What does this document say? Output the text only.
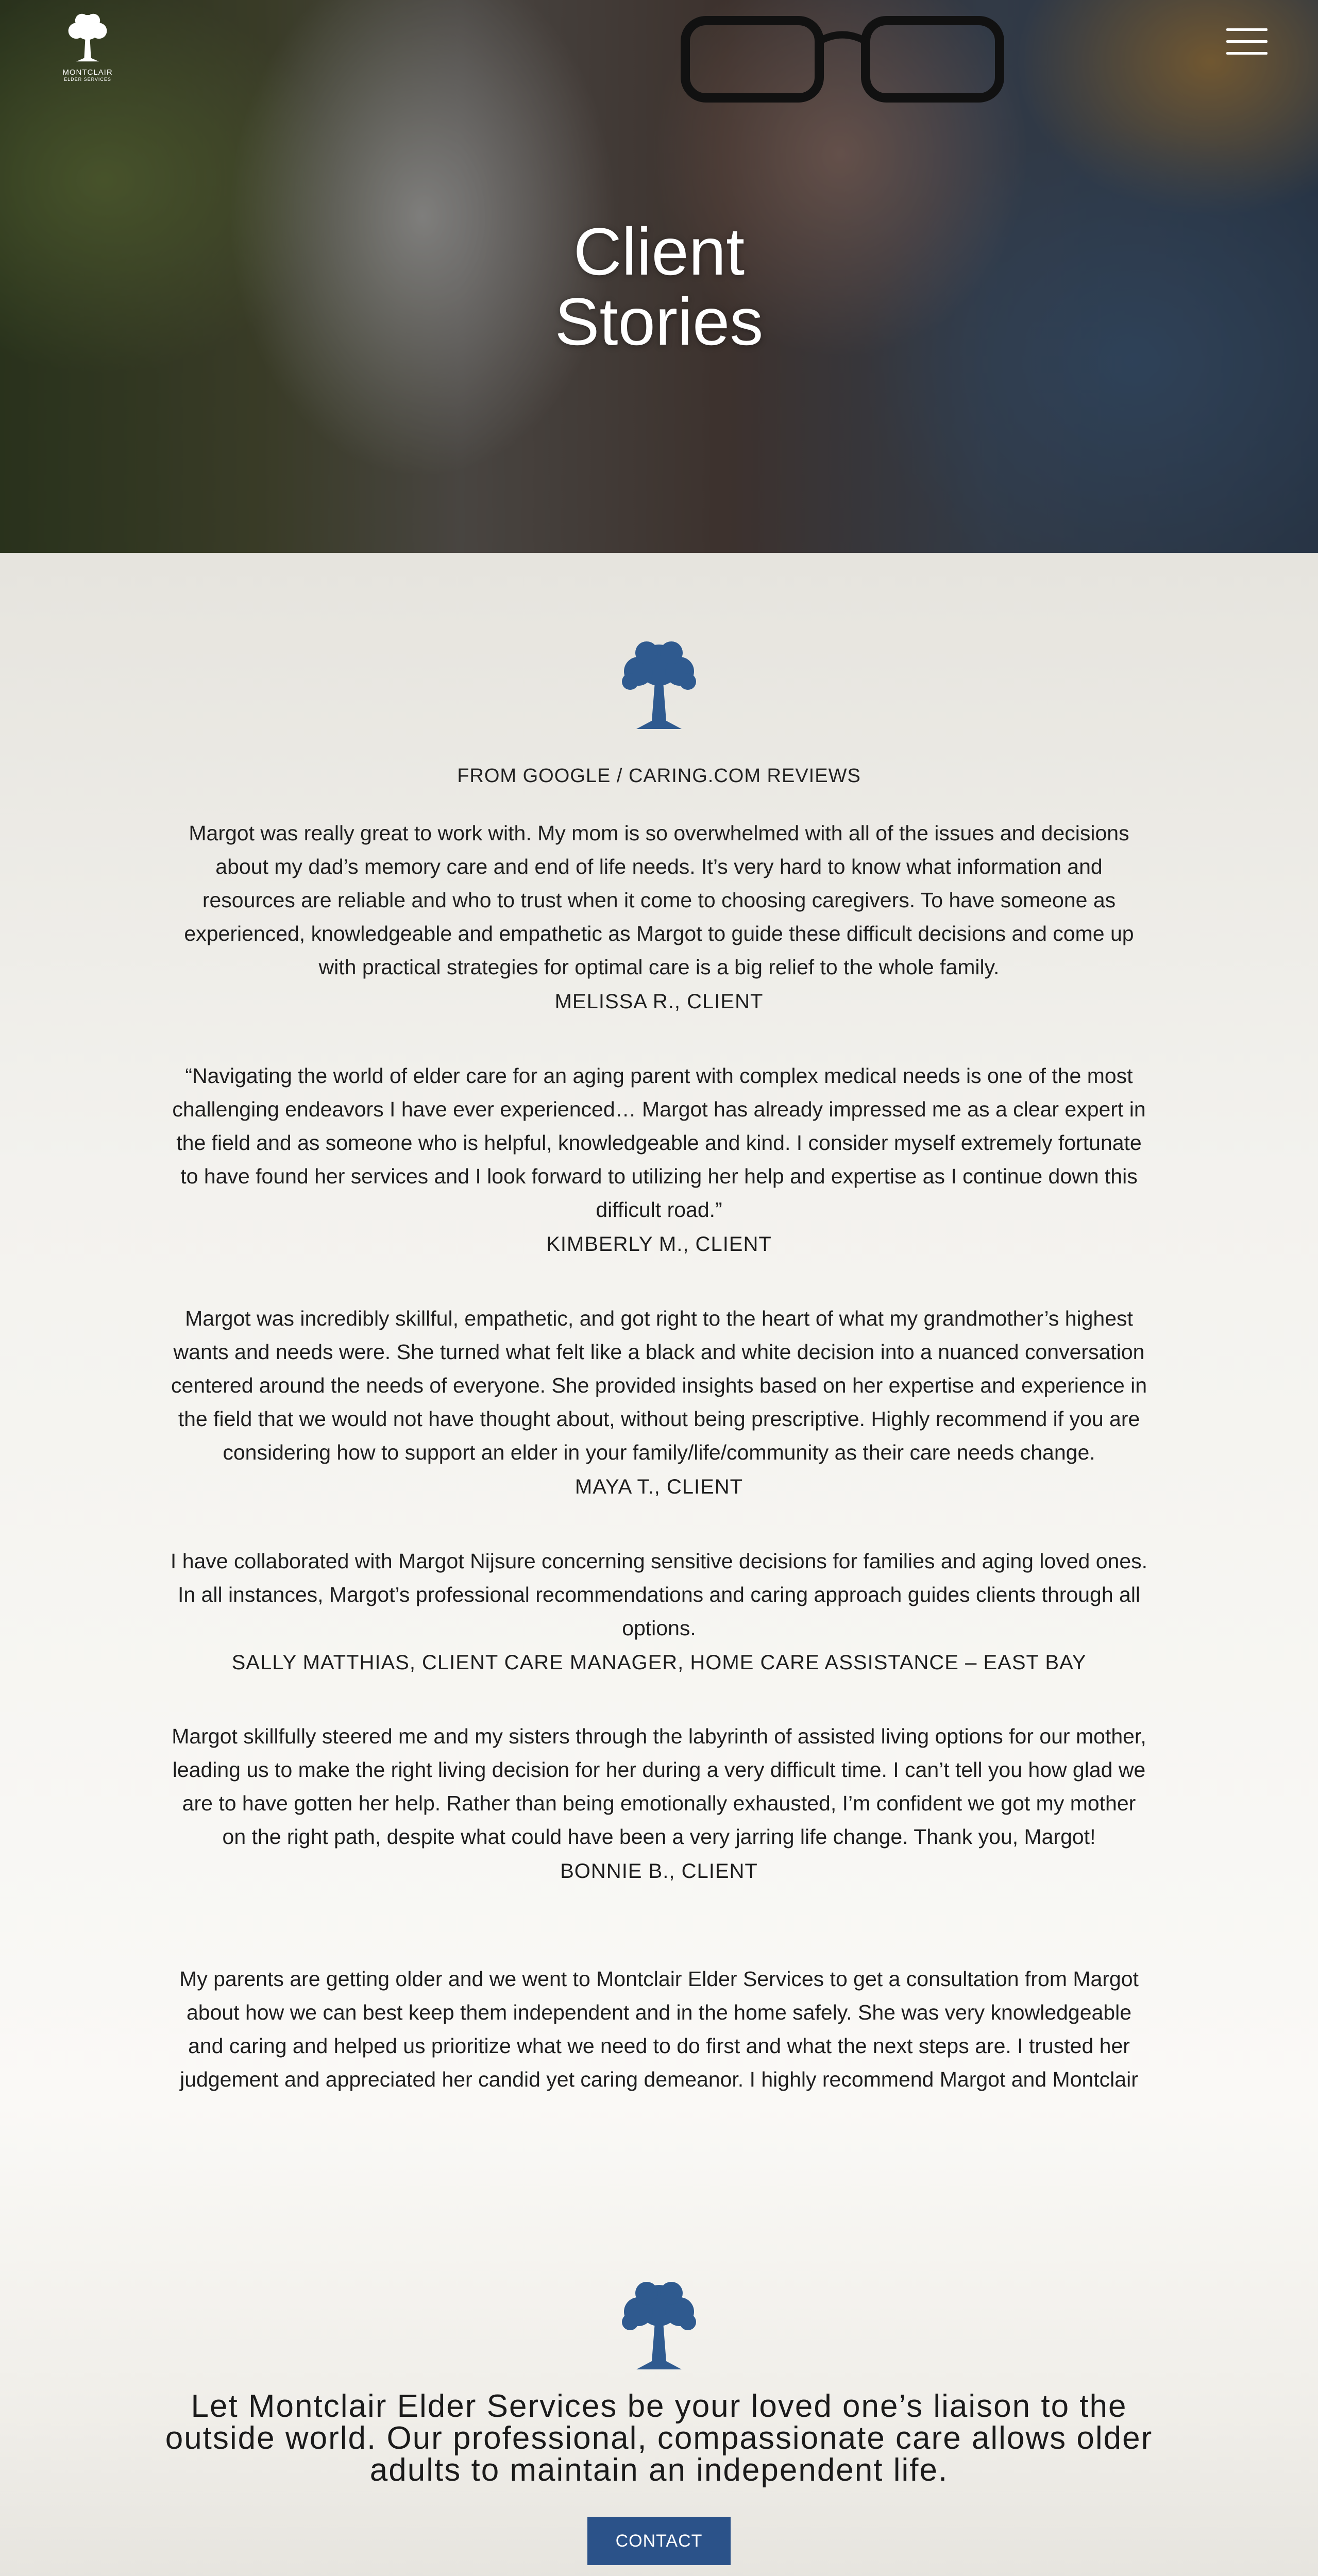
MONTCLAIR
ELDER SERVICES
Client
Stories
FROM GOOGLE / CARING.COM REVIEWS

Margot was really great to work with. My mom is so overwhelmed with all of the issues and decisions about my dad’s memory care and end of life needs. It’s very hard to know what information and resources are reliable and who to trust when it come to choosing caregivers. To have someone as experienced, knowledgeable and empathetic as Margot to guide these difficult decisions and come up with practical strategies for optimal care is a big relief to the whole family.

MELISSA R., CLIENT

“Navigating the world of elder care for an aging parent with complex medical needs is one of the most challenging endeavors I have ever experienced… Margot has already impressed me as a clear expert in the field and as someone who is helpful, knowledgeable and kind. I consider myself extremely fortunate to have found her services and I look forward to utilizing her help and expertise as I continue down this difficult road.”

KIMBERLY M., CLIENT

Margot was incredibly skillful, empathetic, and got right to the heart of what my grandmother’s highest wants and needs were. She turned what felt like a black and white decision into a nuanced conversation centered around the needs of everyone. She provided insights based on her expertise and experience in the field that we would not have thought about, without being prescriptive. Highly recommend if you are considering how to support an elder in your family/life/community as their care needs change.

MAYA T., CLIENT

I have collaborated with Margot Nijsure concerning sensitive decisions for families and aging loved ones. In all instances, Margot’s professional recommendations and caring approach guides clients through all options.

SALLY MATTHIAS, CLIENT CARE MANAGER, HOME CARE ASSISTANCE – EAST BAY

Margot skillfully steered me and my sisters through the labyrinth of assisted living options for our mother, leading us to make the right living decision for her during a very difficult time. I can’t tell you how glad we are to have gotten her help. Rather than being emotionally exhausted, I’m confident we got my mother on the right path, despite what could have been a very jarring life change. Thank you, Margot!

BONNIE B., CLIENT

My parents are getting older and we went to Montclair Elder Services to get a consultation from Margot about how we can best keep them independent and in the home safely. She was very knowledgeable and caring and helped us prioritize what we need to do first and what the next steps are. I trusted her judgement and appreciated her candid yet caring demeanor. I highly recommend Margot and Montclair

Let Montclair Elder Services be your loved one’s liaison to the outside world. Our professional, compassionate care allows older adults to maintain an independent life.

CONTACT
